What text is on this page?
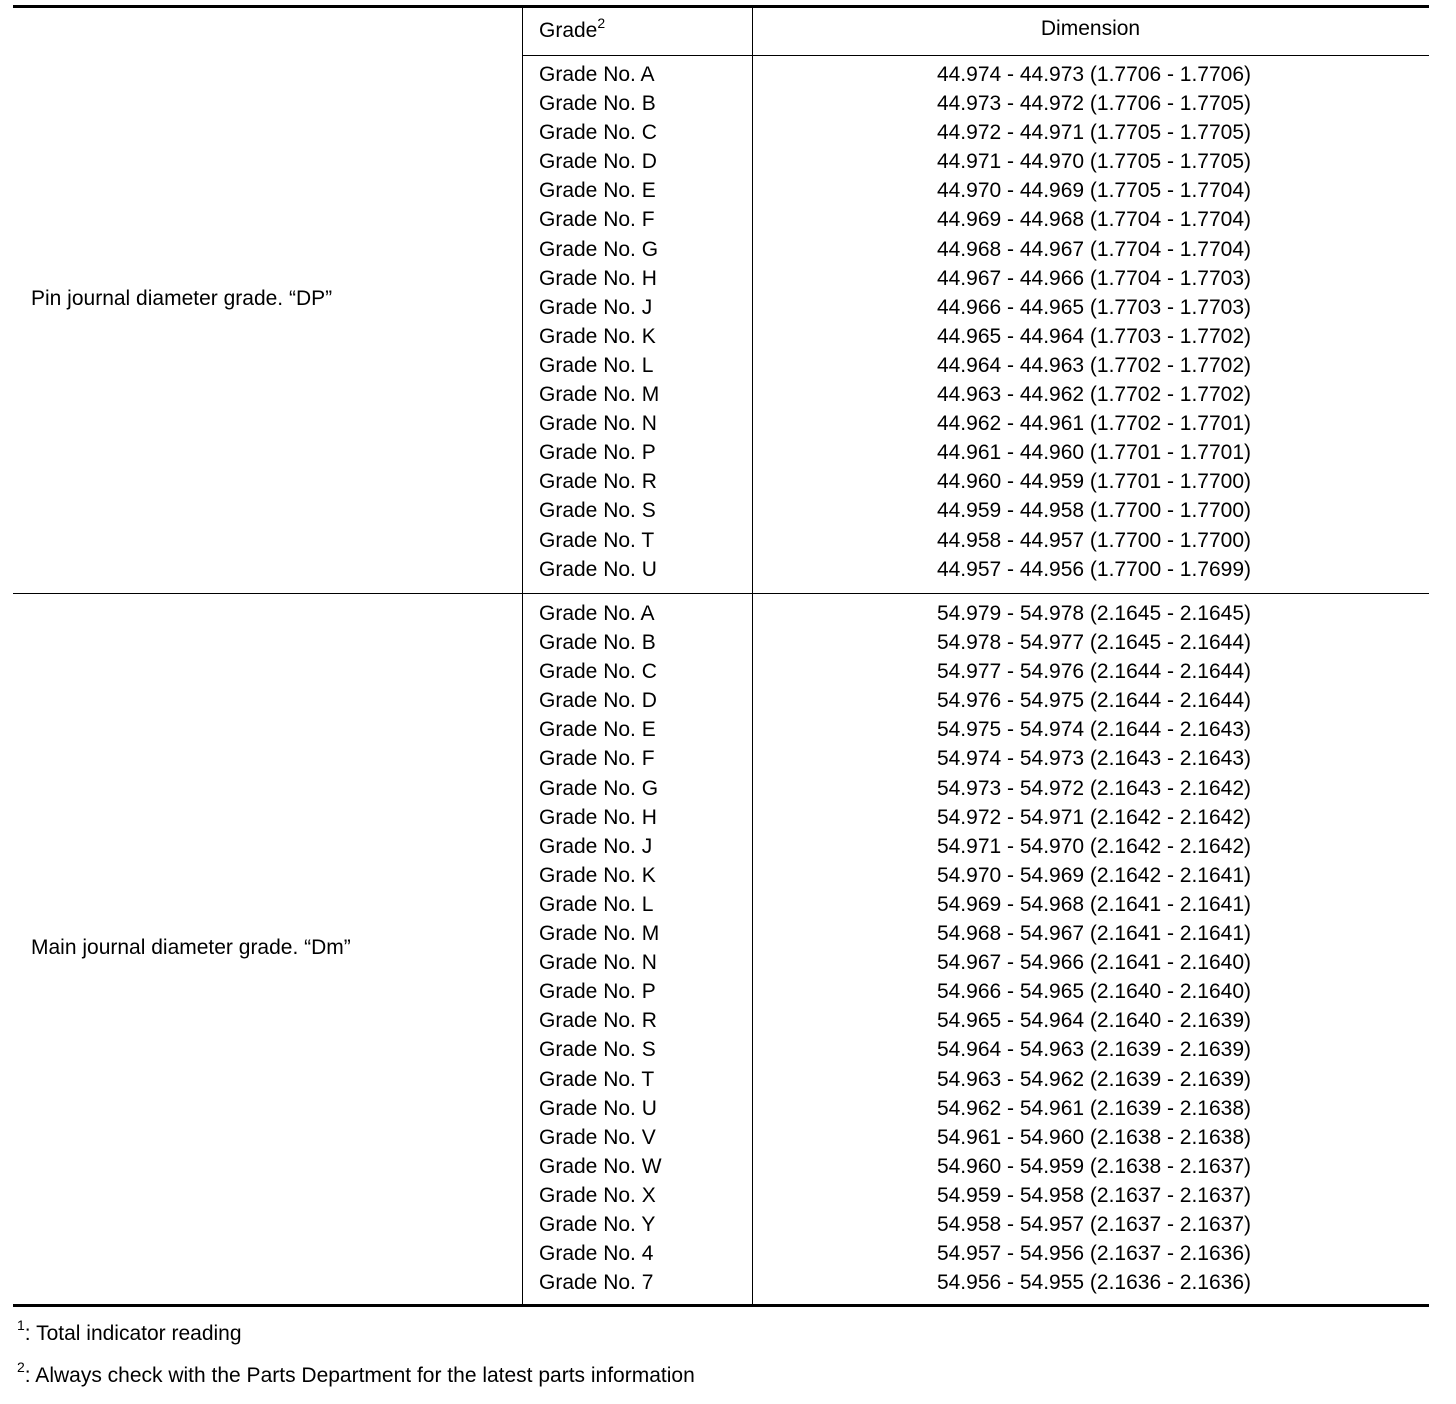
Grade$^2$	Dimension
Pin journal diameter grade. “DP”
Grade No. A
Grade No. B
Grade No. C
Grade No. D
Grade No. E
Grade No. F
Grade No. G
Grade No. H
Grade No. J
Grade No. K
Grade No. L
Grade No. M
Grade No. N
Grade No. P
Grade No. R
Grade No. S
Grade No. T
Grade No. U
44.974 - 44.973 (1.7706 - 1.7706)
44.973 - 44.972 (1.7706 - 1.7705)
44.972 - 44.971 (1.7705 - 1.7705)
44.971 - 44.970 (1.7705 - 1.7705)
44.970 - 44.969 (1.7705 - 1.7704)
44.969 - 44.968 (1.7704 - 1.7704)
44.968 - 44.967 (1.7704 - 1.7704)
44.967 - 44.966 (1.7704 - 1.7703)
44.966 - 44.965 (1.7703 - 1.7703)
44.965 - 44.964 (1.7703 - 1.7702)
44.964 - 44.963 (1.7702 - 1.7702)
44.963 - 44.962 (1.7702 - 1.7702)
44.962 - 44.961 (1.7702 - 1.7701)
44.961 - 44.960 (1.7701 - 1.7701)
44.960 - 44.959 (1.7701 - 1.7700)
44.959 - 44.958 (1.7700 - 1.7700)
44.958 - 44.957 (1.7700 - 1.7700)
44.957 - 44.956 (1.7700 - 1.7699)
Main journal diameter grade. “Dm”
Grade No. A
Grade No. B
Grade No. C
Grade No. D
Grade No. E
Grade No. F
Grade No. G
Grade No. H
Grade No. J
Grade No. K
Grade No. L
Grade No. M
Grade No. N
Grade No. P
Grade No. R
Grade No. S
Grade No. T
Grade No. U
Grade No. V
Grade No. W
Grade No. X
Grade No. Y
Grade No. 4
Grade No. 7
54.979 - 54.978 (2.1645 - 2.1645)
54.978 - 54.977 (2.1645 - 2.1644)
54.977 - 54.976 (2.1644 - 2.1644)
54.976 - 54.975 (2.1644 - 2.1644)
54.975 - 54.974 (2.1644 - 2.1643)
54.974 - 54.973 (2.1643 - 2.1643)
54.973 - 54.972 (2.1643 - 2.1642)
54.972 - 54.971 (2.1642 - 2.1642)
54.971 - 54.970 (2.1642 - 2.1642)
54.970 - 54.969 (2.1642 - 2.1641)
54.969 - 54.968 (2.1641 - 2.1641)
54.968 - 54.967 (2.1641 - 2.1641)
54.967 - 54.966 (2.1641 - 2.1640)
54.966 - 54.965 (2.1640 - 2.1640)
54.965 - 54.964 (2.1640 - 2.1639)
54.964 - 54.963 (2.1639 - 2.1639)
54.963 - 54.962 (2.1639 - 2.1639)
54.962 - 54.961 (2.1639 - 2.1638)
54.961 - 54.960 (2.1638 - 2.1638)
54.960 - 54.959 (2.1638 - 2.1637)
54.959 - 54.958 (2.1637 - 2.1637)
54.958 - 54.957 (2.1637 - 2.1637)
54.957 - 54.956 (2.1637 - 2.1636)
54.956 - 54.955 (2.1636 - 2.1636)
$^1$: Total indicator reading
$^2$: Always check with the Parts Department for the latest parts information
